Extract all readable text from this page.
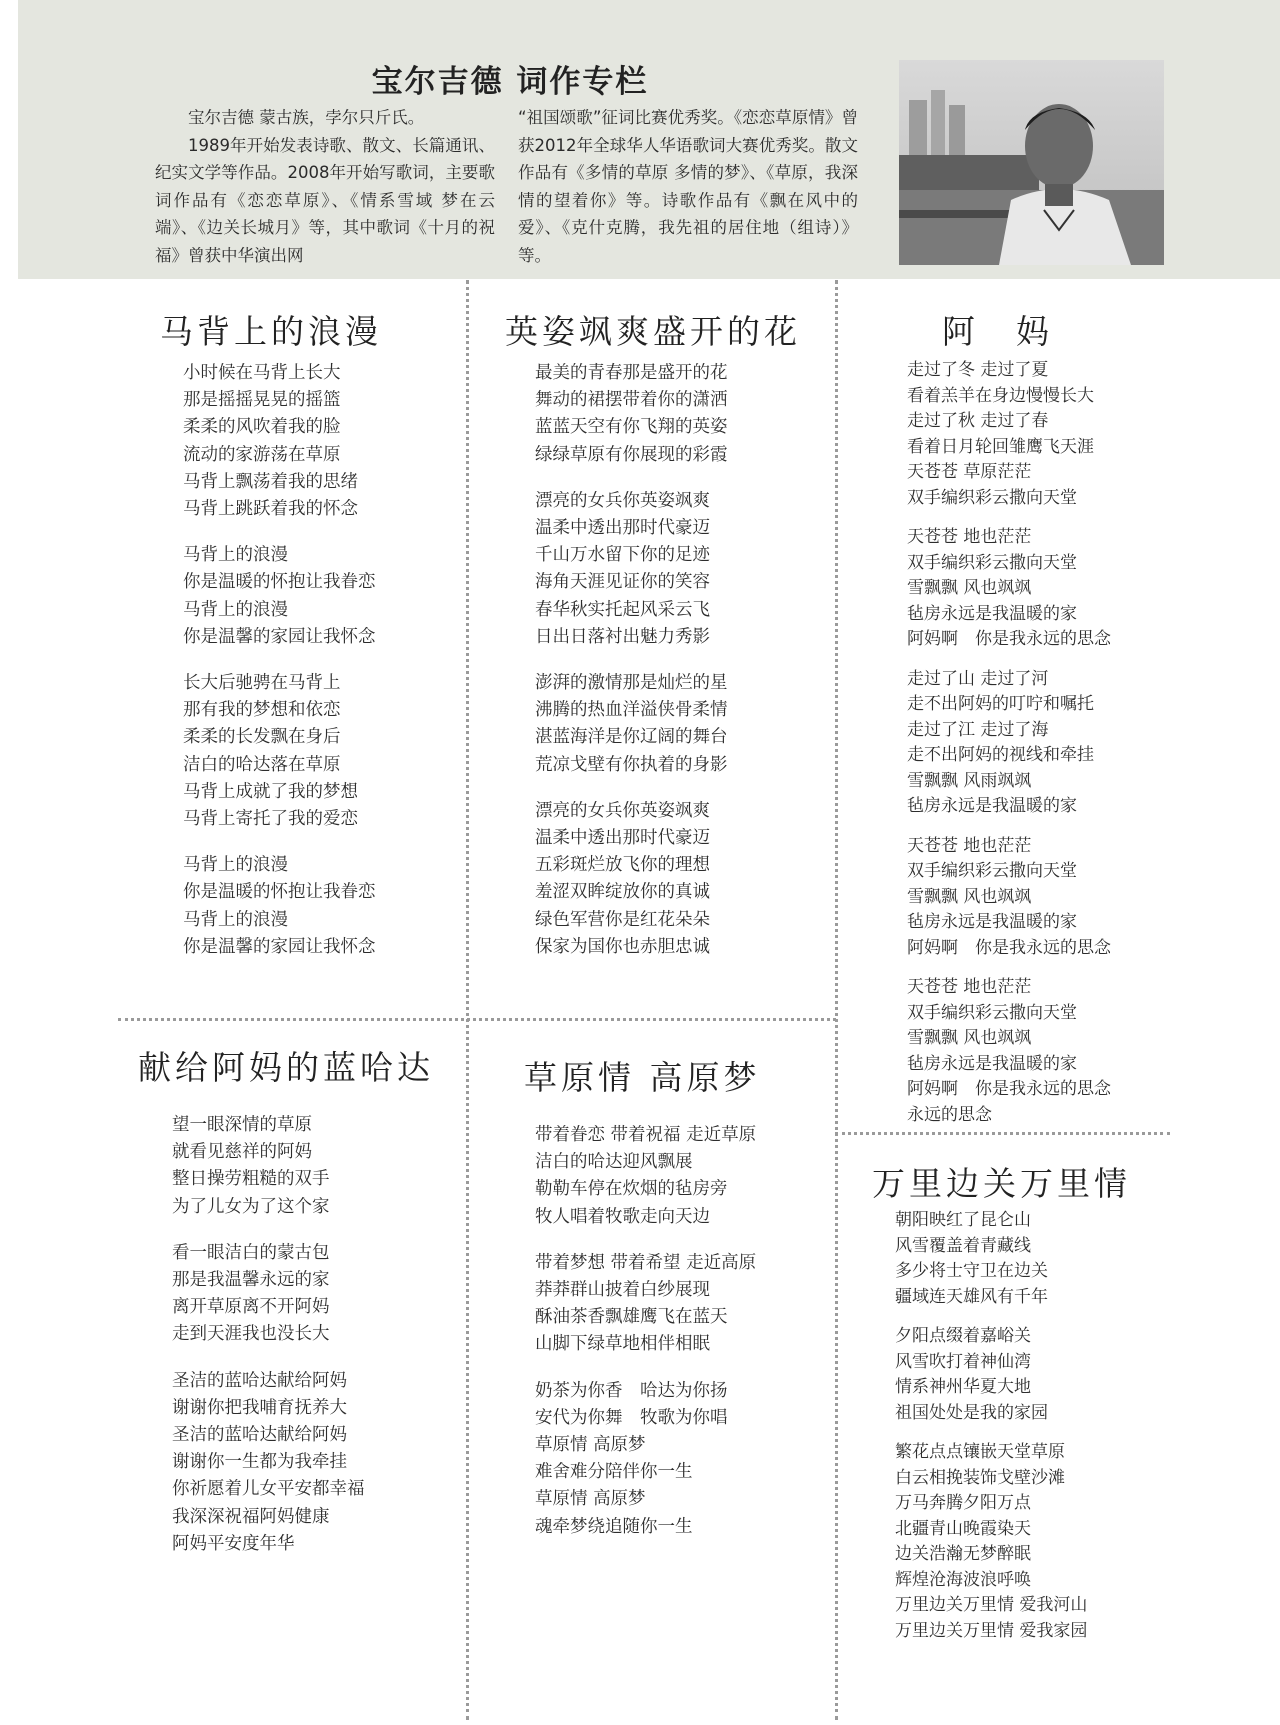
宝尔吉德 词作专栏

宝尔吉德 蒙古族，孛尔只斤氏。

1989年开始发表诗歌、散文、长篇通讯、纪实文学等作品。2008年开始写歌词，主要歌词作品有《恋恋草原》、《情系雪域 梦在云端》、《边关长城月》等，其中歌词《十月的祝福》曾获中华演出网

“祖国颂歌”征词比赛优秀奖。《恋恋草原情》曾获2012年全球华人华语歌词大赛优秀奖。散文作品有《多情的草原 多情的梦》、《草原，我深情的望着你》等。诗歌作品有《飘在风中的爱》、《克什克腾，我先祖的居住地（组诗）》等。

马背上的浪漫
小时候在马背上长大
那是摇摇晃晃的摇篮
柔柔的风吹着我的脸
流动的家游荡在草原
马背上飘荡着我的思绪
马背上跳跃着我的怀念
马背上的浪漫
你是温暖的怀抱让我眷恋
马背上的浪漫
你是温馨的家园让我怀念
长大后驰骋在马背上
那有我的梦想和依恋
柔柔的长发飘在身后
洁白的哈达落在草原
马背上成就了我的梦想
马背上寄托了我的爱恋
马背上的浪漫
你是温暖的怀抱让我眷恋
马背上的浪漫
你是温馨的家园让我怀念
英姿飒爽盛开的花
最美的青春那是盛开的花
舞动的裙摆带着你的潇洒
蓝蓝天空有你飞翔的英姿
绿绿草原有你展现的彩霞
漂亮的女兵你英姿飒爽
温柔中透出那时代豪迈
千山万水留下你的足迹
海角天涯见证你的笑容
春华秋实托起风采云飞
日出日落衬出魅力秀影
澎湃的激情那是灿烂的星
沸腾的热血洋溢侠骨柔情
湛蓝海洋是你辽阔的舞台
荒凉戈壁有你执着的身影
漂亮的女兵你英姿飒爽
温柔中透出那时代豪迈
五彩斑烂放飞你的理想
羞涩双眸绽放你的真诚
绿色军营你是红花朵朵
保家为国你也赤胆忠诚
阿　妈
走过了冬 走过了夏
看着羔羊在身边慢慢长大
走过了秋 走过了春
看着日月轮回雏鹰飞天涯
天苍苍 草原茫茫
双手编织彩云撒向天堂
天苍苍 地也茫茫
双手编织彩云撒向天堂
雪飘飘 风也飒飒
毡房永远是我温暖的家
阿妈啊　你是我永远的思念
走过了山 走过了河
走不出阿妈的叮咛和嘱托
走过了江 走过了海
走不出阿妈的视线和牵挂
雪飘飘 风雨飒飒
毡房永远是我温暖的家
天苍苍 地也茫茫
双手编织彩云撒向天堂
雪飘飘 风也飒飒
毡房永远是我温暖的家
阿妈啊　你是我永远的思念
天苍苍 地也茫茫
双手编织彩云撒向天堂
雪飘飘 风也飒飒
毡房永远是我温暖的家
阿妈啊　你是我永远的思念
永远的思念
献给阿妈的蓝哈达
望一眼深情的草原
就看见慈祥的阿妈
整日操劳粗糙的双手
为了儿女为了这个家
看一眼洁白的蒙古包
那是我温馨永远的家
离开草原离不开阿妈
走到天涯我也没长大
圣洁的蓝哈达献给阿妈
谢谢你把我哺育抚养大
圣洁的蓝哈达献给阿妈
谢谢你一生都为我牵挂
你祈愿着儿女平安都幸福
我深深祝福阿妈健康
阿妈平安度年华
草原情 高原梦
带着眷恋 带着祝福 走近草原
洁白的哈达迎风飘展
勒勒车停在炊烟的毡房旁
牧人唱着牧歌走向天边
带着梦想 带着希望 走近高原
莽莽群山披着白纱展现
酥油茶香飘雄鹰飞在蓝天
山脚下绿草地相伴相眠
奶茶为你香　哈达为你扬
安代为你舞　牧歌为你唱
草原情 高原梦
难舍难分陪伴你一生
草原情 高原梦
魂牵梦绕追随你一生
万里边关万里情
朝阳映红了昆仑山
风雪覆盖着青藏线
多少将士守卫在边关
疆域连天雄风有千年
夕阳点缀着嘉峪关
风雪吹打着神仙湾
情系神州华夏大地
祖国处处是我的家园
繁花点点镶嵌天堂草原
白云相挽装饰戈壁沙滩
万马奔腾夕阳万点
北疆青山晚霞染天
边关浩瀚无梦醉眠
辉煌沧海波浪呼唤
万里边关万里情 爱我河山
万里边关万里情 爱我家园
